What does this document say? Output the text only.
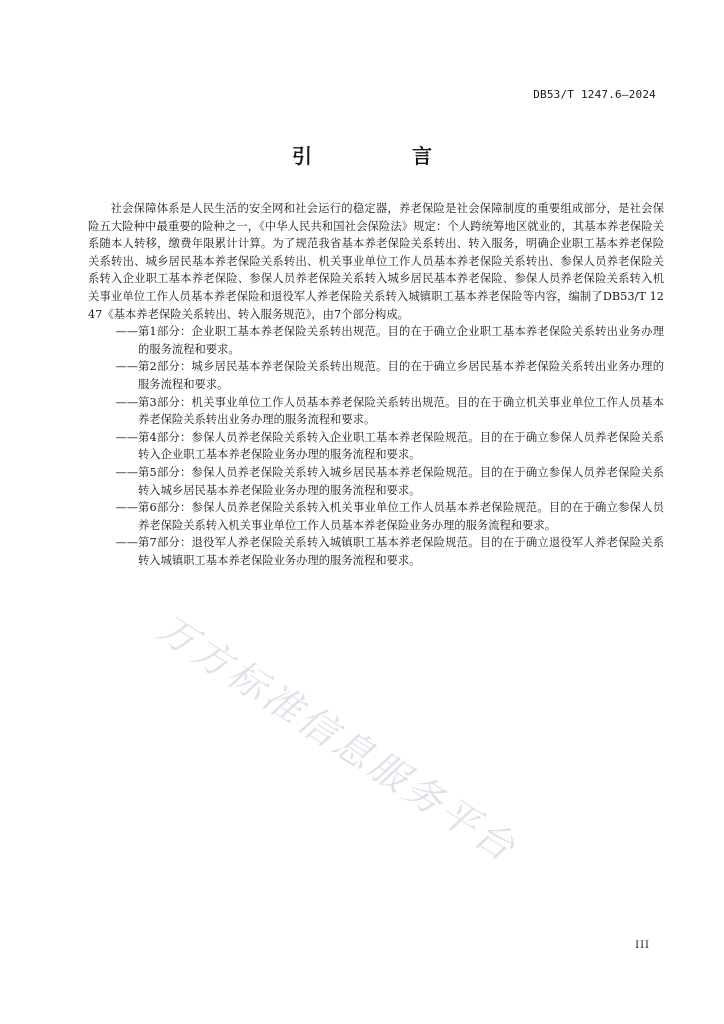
DB53/T 1247.6—2024
引　言

社会保障体系是人民生活的安全网和社会运行的稳定器，养老保险是社会保障制度的重要组成部分，是社会保险五大险种中最重要的险种之一，《中华人民共和国社会保险法》规定：个人跨统筹地区就业的，其基本养老保险关系随本人转移，缴费年限累计计算。为了规范我省基本养老保险关系转出、转入服务，明确企业职工基本养老保险关系转出、城乡居民基本养老保险关系转出、机关事业单位工作人员基本养老保险关系转出、参保人员养老保险关系转入企业职工基本养老保险、参保人员养老保险关系转入城乡居民基本养老保险、参保人员养老保险关系转入机关事业单位工作人员基本养老保险和退役军人养老保险关系转入城镇职工基本养老保险等内容，编制了DB53/T 1247《基本养老保险关系转出、转入服务规范》，由7个部分构成。

—— 第1部分：企业职工基本养老保险关系转出规范。目的在于确立企业职工基本养老保险关系转出业务办理的服务流程和要求。
—— 第2部分：城乡居民基本养老保险关系转出规范。目的在于确立乡居民基本养老保险关系转出业务办理的服务流程和要求。
—— 第3部分：机关事业单位工作人员基本养老保险关系转出规范。目的在于确立机关事业单位工作人员基本养老保险关系转出业务办理的服务流程和要求。
—— 第4部分：参保人员养老保险关系转入企业职工基本养老保险规范。目的在于确立参保人员养老保险关系转入企业职工基本养老保险业务办理的服务流程和要求。
—— 第5部分：参保人员养老保险关系转入城乡居民基本养老保险规范。目的在于确立参保人员养老保险关系转入城乡居民基本养老保险业务办理的服务流程和要求。
—— 第6部分：参保人员养老保险关系转入机关事业单位工作人员基本养老保险规范。目的在于确立参保人员养老保险关系转入机关事业单位工作人员基本养老保险业务办理的服务流程和要求。
—— 第7部分：退役军人养老保险关系转入城镇职工基本养老保险规范。目的在于确立退役军人养老保险关系转入城镇职工基本养老保险业务办理的服务流程和要求。
万方标准信息服务平台
III
